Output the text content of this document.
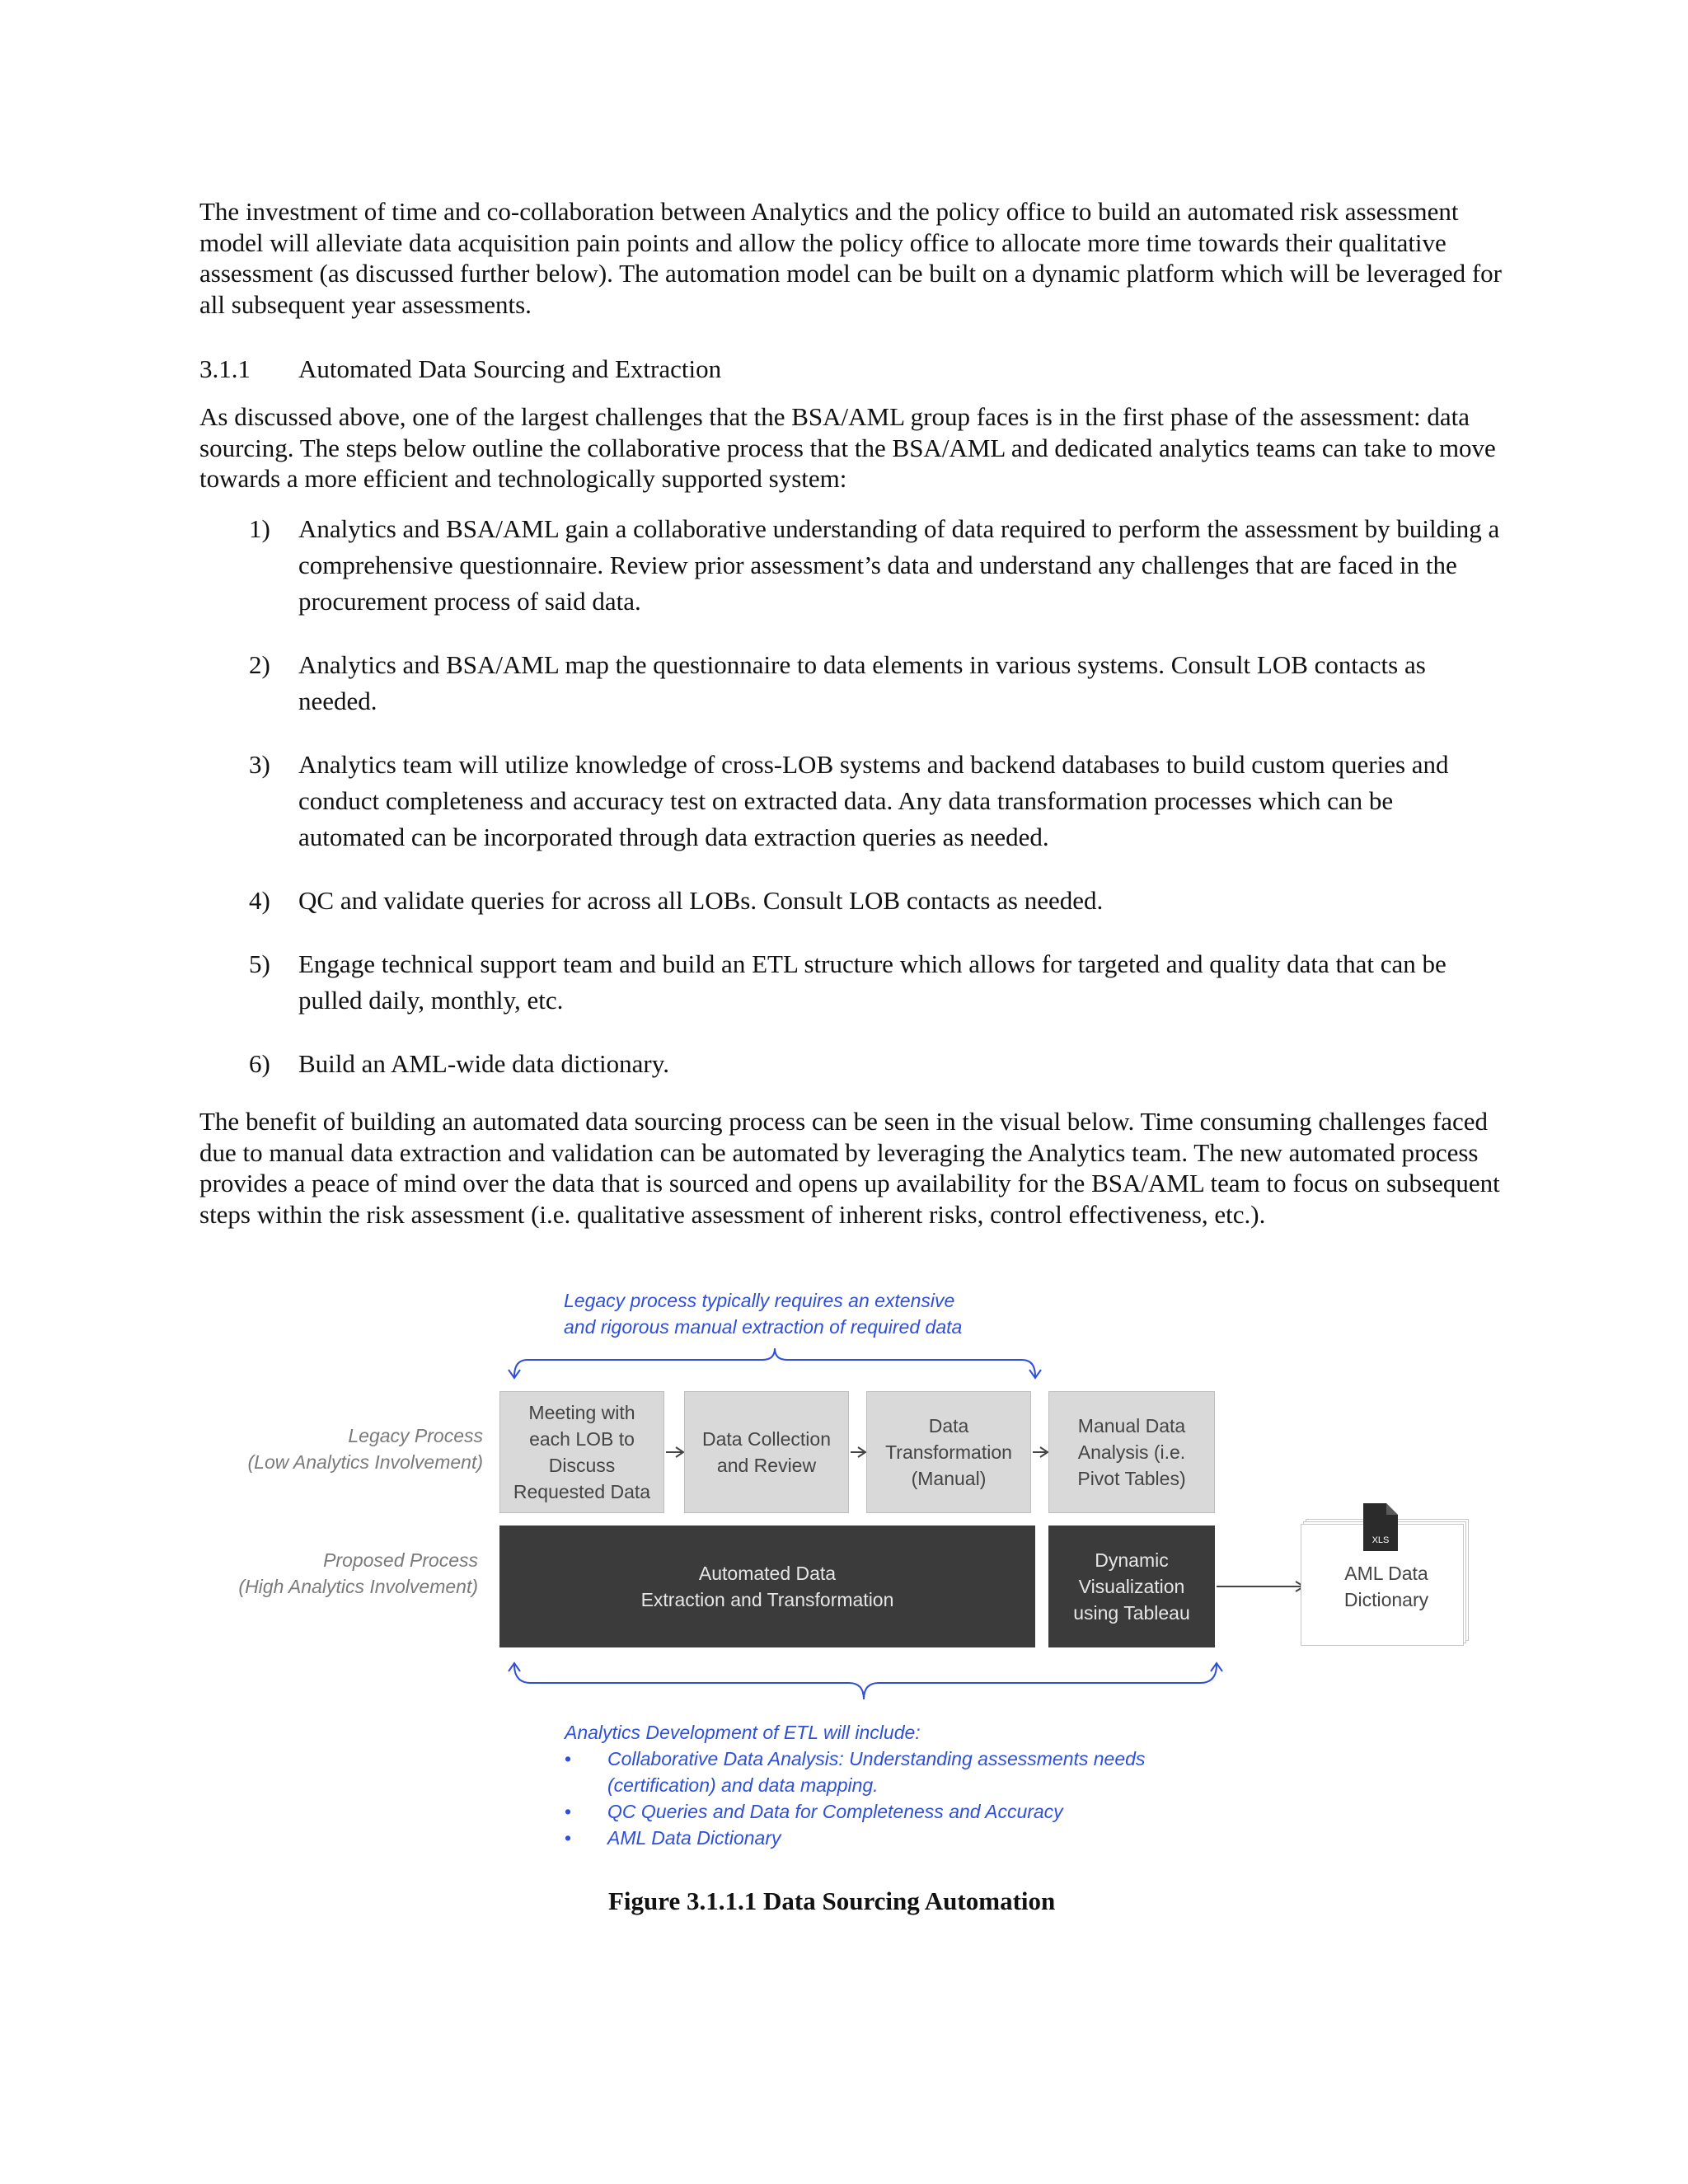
The investment of time and co-collaboration between Analytics and the policy office to build an automated risk assessment model will alleviate data acquisition pain points and allow the policy office to allocate more time towards their qualitative assessment (as discussed further below). The automation model can be built on a dynamic platform which will be leveraged for all subsequent year assessments.

3.1.1 Automated Data Sourcing and Extraction

As discussed above, one of the largest challenges that the BSA/AML group faces is in the first phase of the assessment: data sourcing. The steps below outline the collaborative process that the BSA/AML and dedicated analytics teams can take to move towards a more efficient and technologically supported system:

1) Analytics and BSA/AML gain a collaborative understanding of data required to perform the assessment by building a comprehensive questionnaire. Review prior assessment’s data and understand any challenges that are faced in the procurement process of said data.
2) Analytics and BSA/AML map the questionnaire to data elements in various systems. Consult LOB contacts as needed.
3) Analytics team will utilize knowledge of cross-LOB systems and backend databases to build custom queries and conduct completeness and accuracy test on extracted data. Any data transformation processes which can be automated can be incorporated through data extraction queries as needed.
4) QC and validate queries for across all LOBs. Consult LOB contacts as needed.
5) Engage technical support team and build an ETL structure which allows for targeted and quality data that can be pulled daily, monthly, etc.
6) Build an AML-wide data dictionary.

The benefit of building an automated data sourcing process can be seen in the visual below. Time consuming challenges faced due to manual data extraction and validation can be automated by leveraging the Analytics team. The new automated process provides a peace of mind over the data that is sourced and opens up availability for the BSA/AML team to focus on subsequent steps within the risk assessment (i.e. qualitative assessment of inherent risks, control effectiveness, etc.).

Legacy process typically requires an extensive
and rigorous manual extraction of required data
Legacy Process
(Low Analytics Involvement)
Proposed Process
(High Analytics Involvement)
Meeting with
each LOB to
Discuss
Requested Data
Data Collection
and Review
Data
Transformation
(Manual)
Manual Data
Analysis (i.e.
Pivot Tables)
Automated Data
Extraction and Transformation
Dynamic
Visualization
using Tableau
XLS
AML Data
Dictionary
Analytics Development of ETL will include:
• Collaborative Data Analysis: Understanding assessments needs
(certification) and data mapping.
• QC Queries and Data for Completeness and Accuracy
• AML Data Dictionary
Figure 3.1.1.1 Data Sourcing Automation
